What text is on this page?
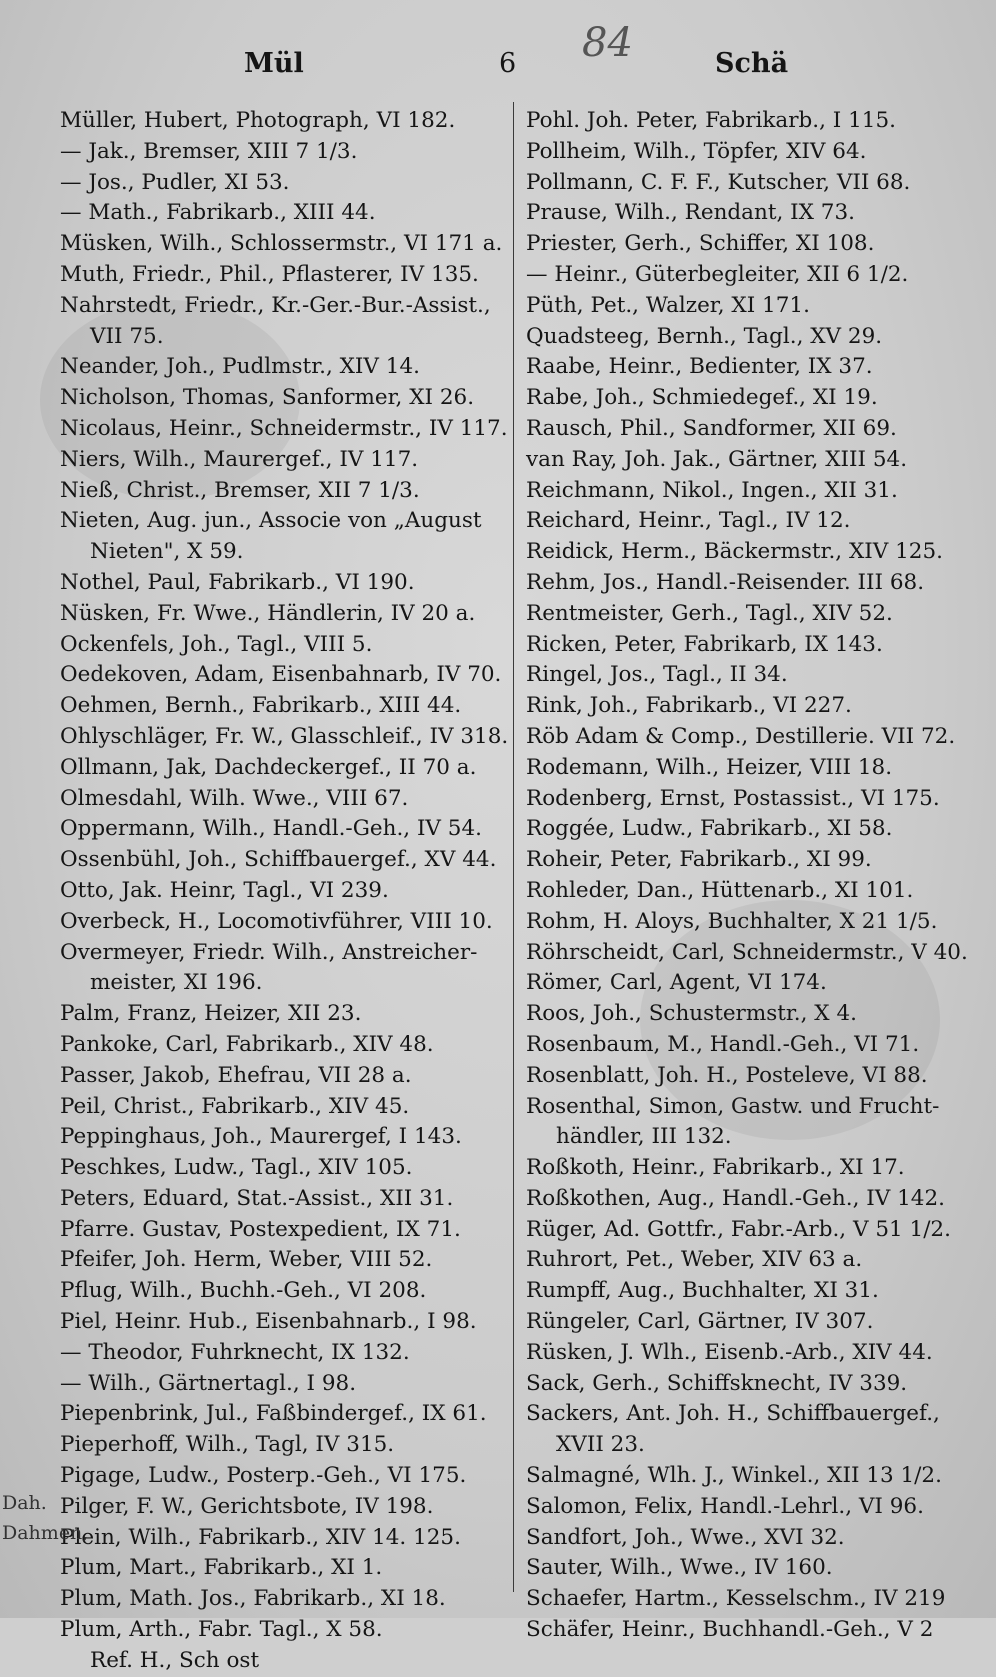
Mül	6 84	Schä
Müller, Hubert, Photograph, VI 182.
— Jak., Bremser, XIII 7 1/3.
— Jos., Pudler, XI 53.
— Math., Fabrikarb., XIII 44.
Müsken, Wilh., Schlossermstr., VI 171 a.
Muth, Friedr., Phil., Pflasterer, IV 135.
Nahrstedt, Friedr., Kr.-Ger.-Bur.-Assist.,
VII 75.
Neander, Joh., Pudlmstr., XIV 14.
Nicholson, Thomas, Sanformer, XI 26.
Nicolaus, Heinr., Schneidermstr., IV 117.
Niers, Wilh., Maurergef., IV 117.
Nieß, Christ., Bremser, XII 7 1/3.
Nieten, Aug. jun., Associe von „August
Nieten", X 59.
Nothel, Paul, Fabrikarb., VI 190.
Nüsken, Fr. Wwe., Händlerin, IV 20 a.
Ockenfels, Joh., Tagl., VIII 5.
Oedekoven, Adam, Eisenbahnarb, IV 70.
Oehmen, Bernh., Fabrikarb., XIII 44.
Ohlyschläger, Fr. W., Glasschleif., IV 318.
Ollmann, Jak, Dachdeckergef., II 70 a.
Olmesdahl, Wilh. Wwe., VIII 67.
Oppermann, Wilh., Handl.-Geh., IV 54.
Ossenbühl, Joh., Schiffbauergef., XV 44.
Otto, Jak. Heinr, Tagl., VI 239.
Overbeck, H., Locomotivführer, VIII 10.
Overmeyer, Friedr. Wilh., Anstreicher-
meister, XI 196.
Palm, Franz, Heizer, XII 23.
Pankoke, Carl, Fabrikarb., XIV 48.
Passer, Jakob, Ehefrau, VII 28 a.
Peil, Christ., Fabrikarb., XIV 45.
Peppinghaus, Joh., Maurergef, I 143.
Peschkes, Ludw., Tagl., XIV 105.
Peters, Eduard, Stat.-Assist., XII 31.
Pfarre. Gustav, Postexpedient, IX 71.
Pfeifer, Joh. Herm, Weber, VIII 52.
Pflug, Wilh., Buchh.-Geh., VI 208.
Piel, Heinr. Hub., Eisenbahnarb., I 98.
— Theodor, Fuhrknecht, IX 132.
— Wilh., Gärtnertagl., I 98.
Piepenbrink, Jul., Faßbindergef., IX 61.
Pieperhoff, Wilh., Tagl, IV 315.
Pigage, Ludw., Posterp.-Geh., VI 175.
Pilger, F. W., Gerichtsbote, IV 198.
Plein, Wilh., Fabrikarb., XIV 14. 125.
Plum, Mart., Fabrikarb., XI 1.
Plum, Math. Jos., Fabrikarb., XI 18.
Plum, Arth., Fabr. Tagl., X 58.
Ref. H., Sch ost
Pohl. Joh. Peter, Fabrikarb., I 115.
Pollheim, Wilh., Töpfer, XIV 64.
Pollmann, C. F. F., Kutscher, VII 68.
Prause, Wilh., Rendant, IX 73.
Priester, Gerh., Schiffer, XI 108.
— Heinr., Güterbegleiter, XII 6 1/2.
Püth, Pet., Walzer, XI 171.
Quadsteeg, Bernh., Tagl., XV 29.
Raabe, Heinr., Bedienter, IX 37.
Rabe, Joh., Schmiedegef., XI 19.
Rausch, Phil., Sandformer, XII 69.
van Ray, Joh. Jak., Gärtner, XIII 54.
Reichmann, Nikol., Ingen., XII 31.
Reichard, Heinr., Tagl., IV 12.
Reidick, Herm., Bäckermstr., XIV 125.
Rehm, Jos., Handl.-Reisender. III 68.
Rentmeister, Gerh., Tagl., XIV 52.
Ricken, Peter, Fabrikarb, IX 143.
Ringel, Jos., Tagl., II 34.
Rink, Joh., Fabrikarb., VI 227.
Röb Adam & Comp., Destillerie. VII 72.
Rodemann, Wilh., Heizer, VIII 18.
Rodenberg, Ernst, Postassist., VI 175.
Roggée, Ludw., Fabrikarb., XI 58.
Roheir, Peter, Fabrikarb., XI 99.
Rohleder, Dan., Hüttenarb., XI 101.
Rohm, H. Aloys, Buchhalter, X 21 1/5.
Röhrscheidt, Carl, Schneidermstr., V 40.
Römer, Carl, Agent, VI 174.
Roos, Joh., Schustermstr., X 4.
Rosenbaum, M., Handl.-Geh., VI 71.
Rosenblatt, Joh. H., Posteleve, VI 88.
Rosenthal, Simon, Gastw. und Frucht-
händler, III 132.
Roßkoth, Heinr., Fabrikarb., XI 17.
Roßkothen, Aug., Handl.-Geh., IV 142.
Rüger, Ad. Gottfr., Fabr.-Arb., V 51 1/2.
Ruhrort, Pet., Weber, XIV 63 a.
Rumpff, Aug., Buchhalter, XI 31.
Rüngeler, Carl, Gärtner, IV 307.
Rüsken, J. Wlh., Eisenb.-Arb., XIV 44.
Sack, Gerh., Schiffsknecht, IV 339.
Sackers, Ant. Joh. H., Schiffbauergef.,
XVII 23.
Salmagné, Wlh. J., Winkel., XII 13 1/2.
Salomon, Felix, Handl.-Lehrl., VI 96.
Sandfort, Joh., Wwe., XVI 32.
Sauter, Wilh., Wwe., IV 160.
Schaefer, Hartm., Kesselschm., IV 219
Schäfer, Heinr., Buchhandl.-Geh., V 2
Dah.
Dahmen,
